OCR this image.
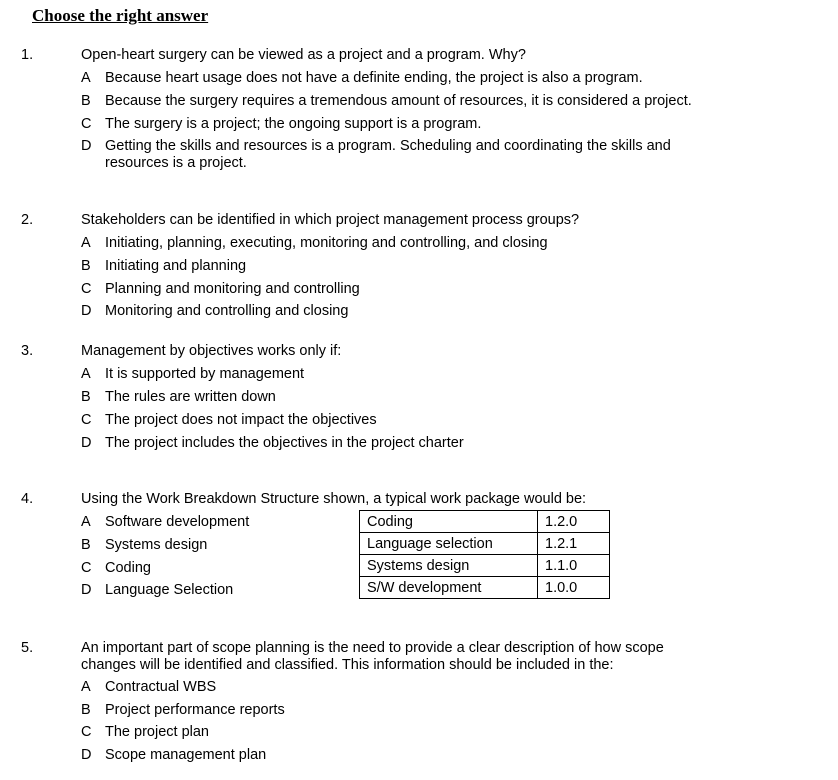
Choose the right answer
1.	Open-heart surgery can be viewed as a project and a program. Why?
A Because heart usage does not have a definite ending, the project is also a program.
B Because the surgery requires a tremendous amount of resources, it is considered a project.
C The surgery is a project; the ongoing support is a program.
D Getting the skills and resources is a program. Scheduling and coordinating the skills and resources is a project.
2.	Stakeholders can be identified in which project management process groups?
A Initiating, planning, executing, monitoring and controlling, and closing
B Initiating and planning
C Planning and monitoring and controlling
D Monitoring and controlling and closing
3.	Management by objectives works only if:
A It is supported by management
B The rules are written down
C The project does not impact the objectives
D The project includes the objectives in the project charter
4.	Using the Work Breakdown Structure shown, a typical work package would be:
A Software development
B Systems design
C Coding
D Language Selection
Coding	1.2.0
Language selection	1.2.1
Systems design	1.1.0
S/W development	1.0.0
5.	An important part of scope planning is the need to provide a clear description of how scope changes will be identified and classified. This information should be included in the:
A Contractual WBS
B Project performance reports
C The project plan
D Scope management plan
